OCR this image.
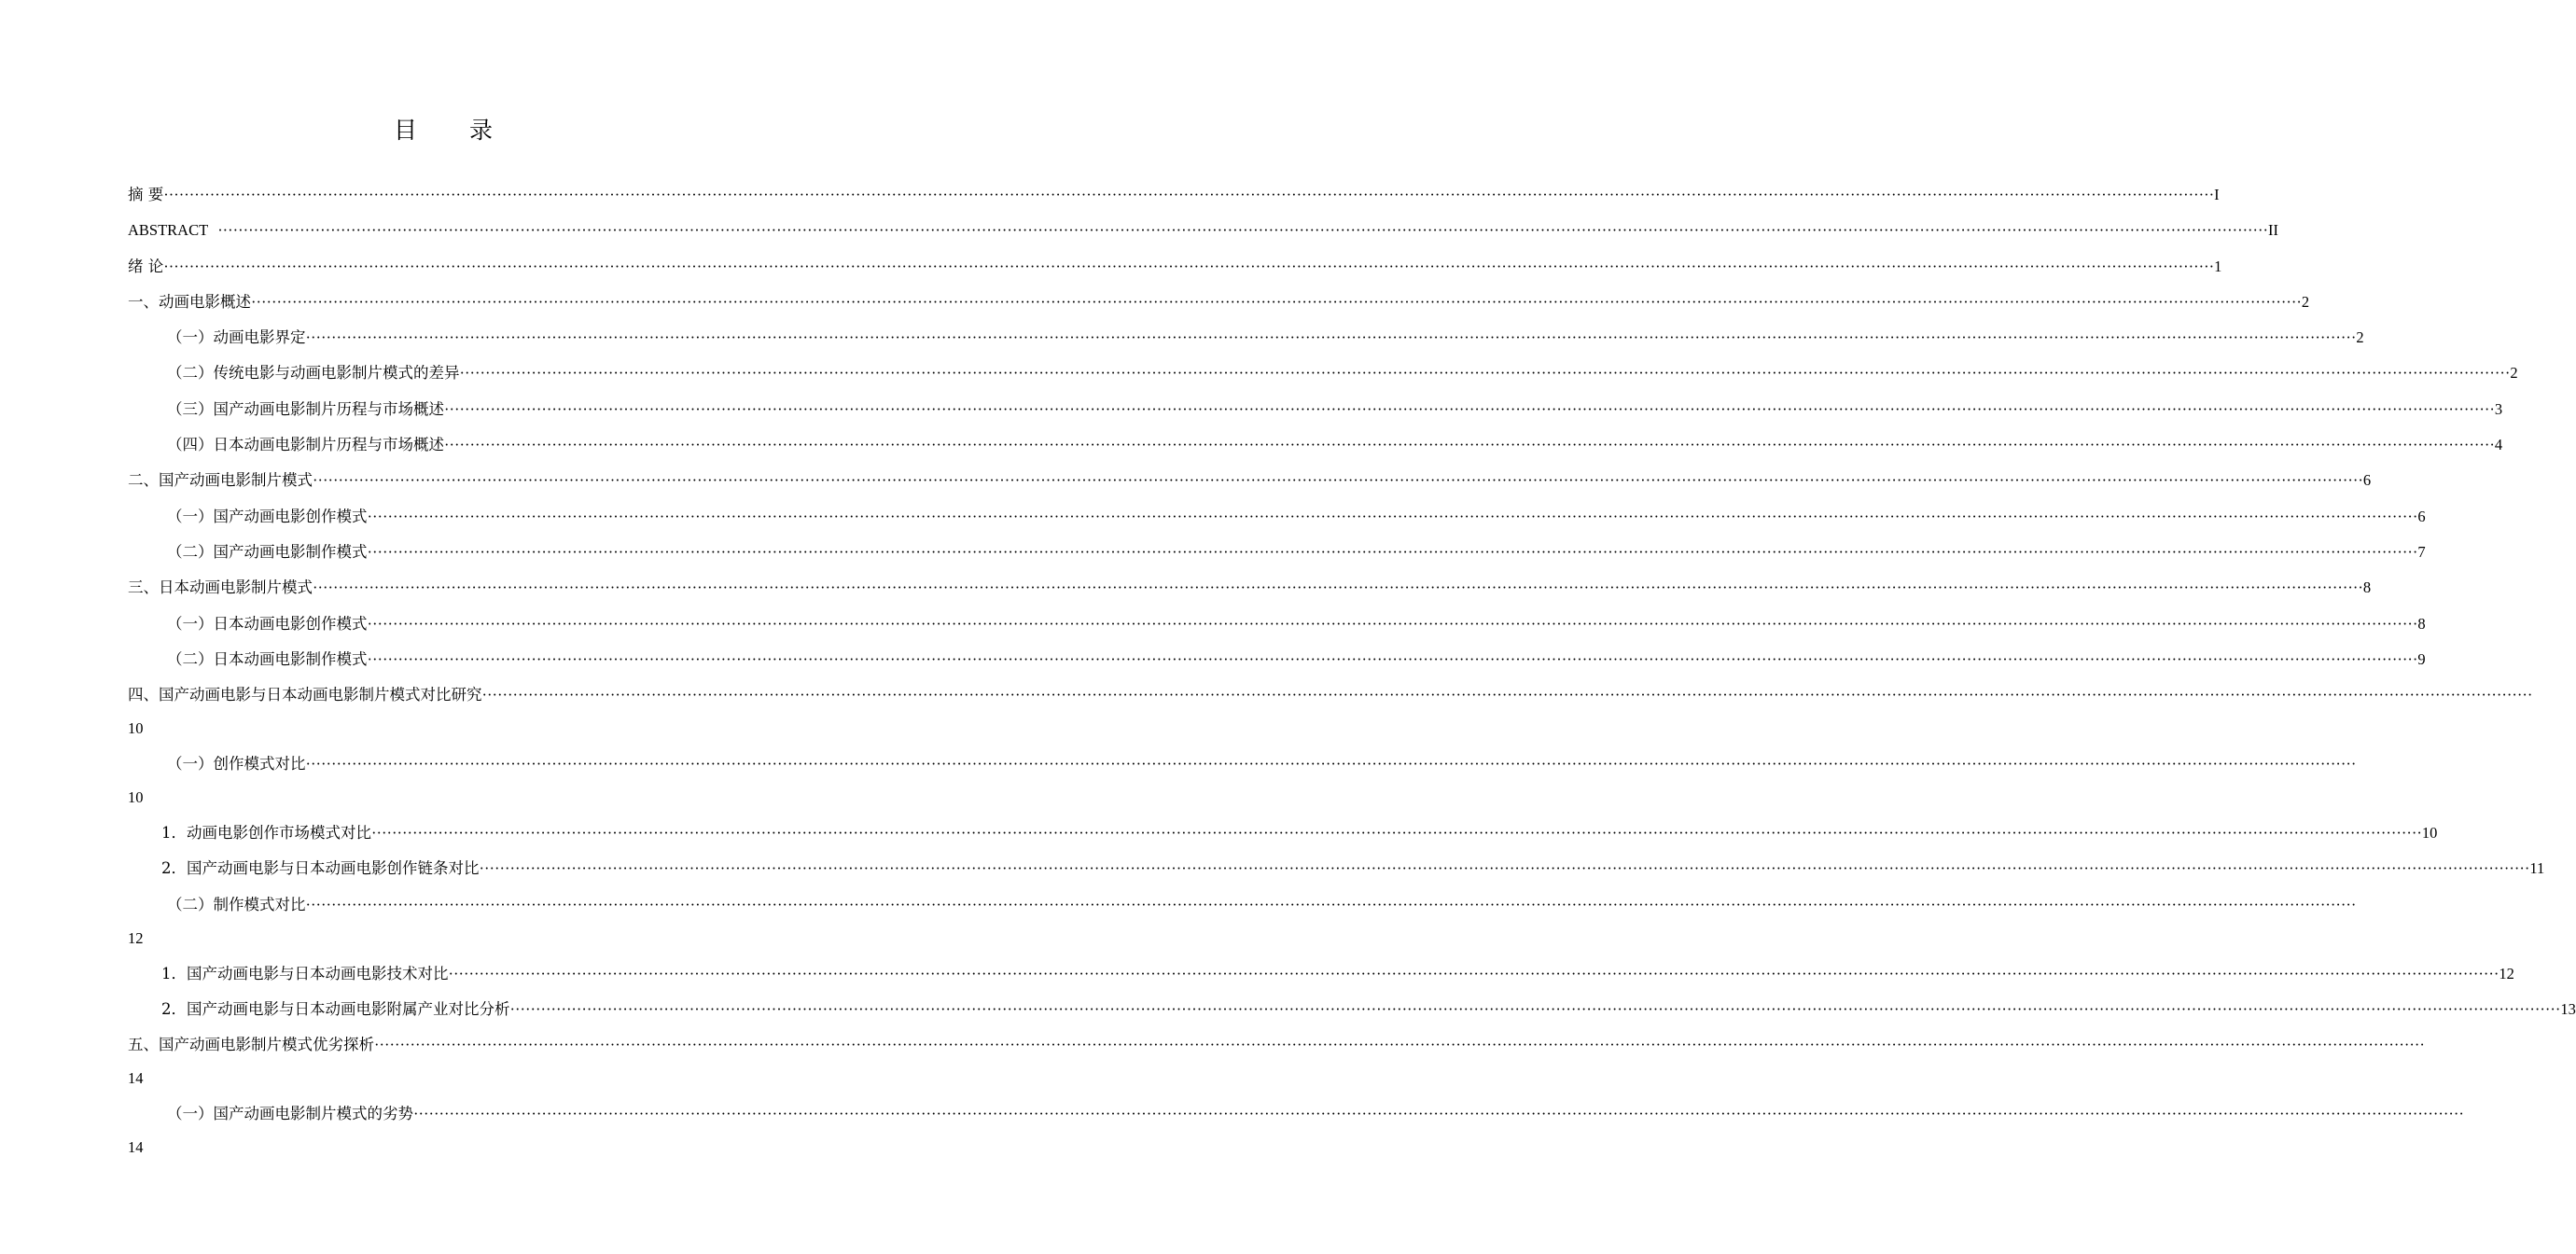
目 录
摘 要 ················································································································································································································································································································································································································ I
ABSTRACT ················································································································································································································································································································································································································ II
绪 论 ················································································································································································································································································································································································································ 1
一、动画电影概述 ················································································································································································································································································································································································································ 2
（一）动画电影界定 ················································································································································································································································································································································································································ 2
（二）传统电影与动画电影制片模式的差异 ················································································································································································································································································································································································································ 2
（三）国产动画电影制片历程与市场概述 ················································································································································································································································································································································································································ 3
（四）日本动画电影制片历程与市场概述 ················································································································································································································································································································································································································ 4
二、国产动画电影制片模式 ················································································································································································································································································································································································································ 6
（一）国产动画电影创作模式 ················································································································································································································································································································································································································ 6
（二）国产动画电影制作模式 ················································································································································································································································································································································································································ 7
三、日本动画电影制片模式 ················································································································································································································································································································································································································ 8
（一）日本动画电影创作模式 ················································································································································································································································································································································································································ 8
（二）日本动画电影制作模式 ················································································································································································································································································································································································································ 9
四、国产动画电影与日本动画电影制片模式对比研究 ················································································································································································································································································································································································································
10
（一）创作模式对比 ················································································································································································································································································································································································································
10
1．动画电影创作市场模式对比 ················································································································································································································································································································································································································ 10
2．国产动画电影与日本动画电影创作链条对比 ················································································································································································································································································································································································································ 11
（二）制作模式对比 ················································································································································································································································································································································································································
12
1．国产动画电影与日本动画电影技术对比 ················································································································································································································································································································································································································ 12
2．国产动画电影与日本动画电影附属产业对比分析 ················································································································································································································································································································································································································ 13
五、国产动画电影制片模式优劣探析 ················································································································································································································································································································································································································
14
（一）国产动画电影制片模式的劣势 ················································································································································································································································································································································································································
14
